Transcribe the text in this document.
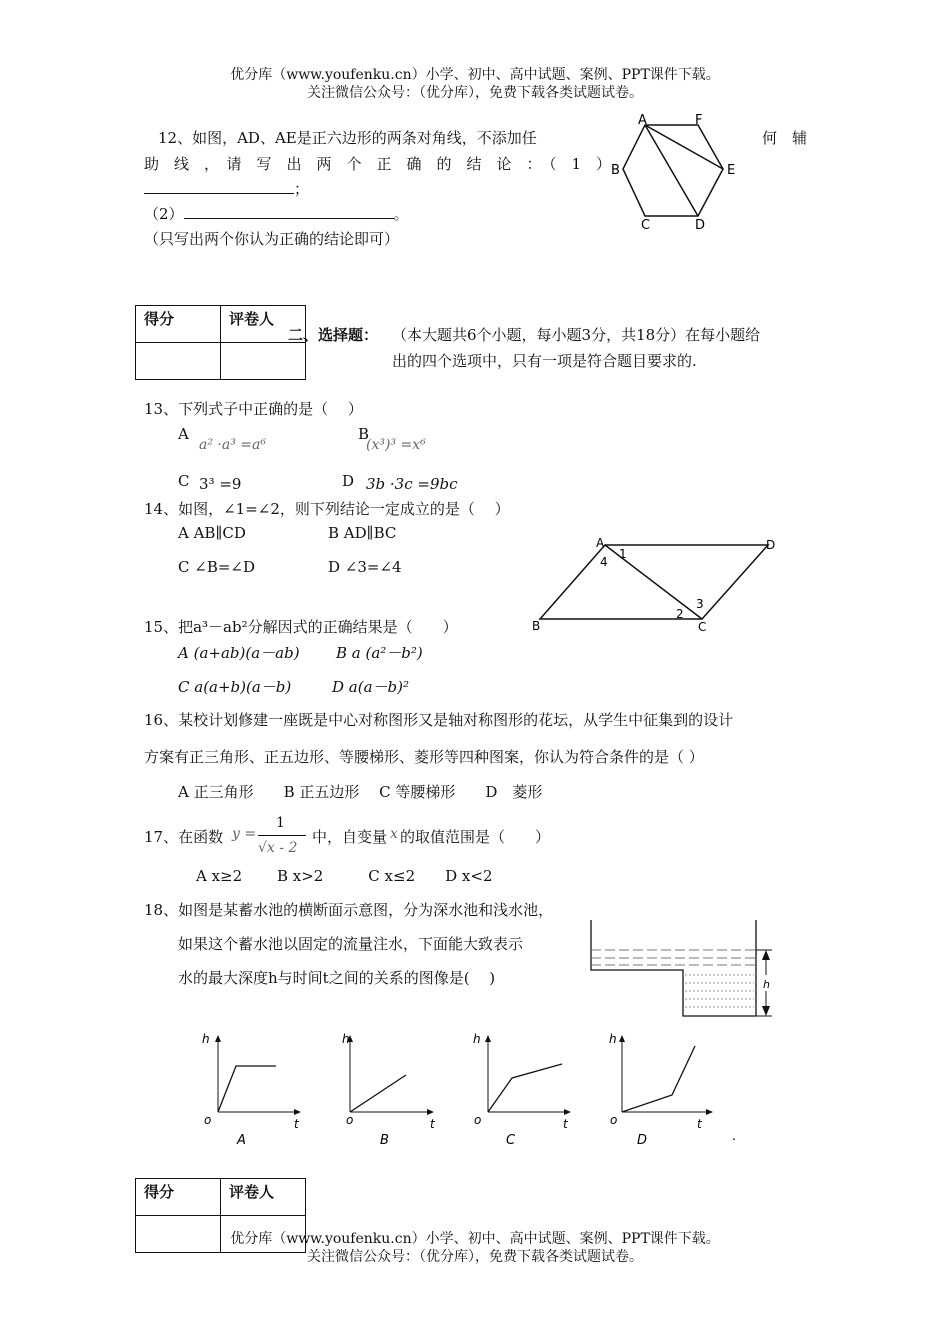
优分库（www.youfenku.cn）小学、初中、高中试题、案例、PPT课件下载。
关注微信公众号：（优分库），免费下载各类试题试卷。
12、如图，AD、AE是正六边形的两条对角线，不添加任	何　辅
助　线　，　请　写　出　两　个　正　确　的　结　论　：　（　1　）
；
（2）	。
（只写出两个你认为正确的结论即可）
A	F
B	E
C	D
得分	评卷人

二、选择题： （本大题共6个小题，每小题3分，共18分）在每小题给
出的四个选项中，只有一项是符合题目要求的.
13、下列式子中正确的是（　 ）
A
a² ·a³ =a⁶
B
(x³)³ =x⁶
C 3³ =9	D 3b ·3c =9bc
14、如图，∠1=∠2，则下列结论一定成立的是（　 ）
A AB∥CD	B AD∥BC
C ∠B=∠D	D ∠3=∠4
A	D
B	C
1
4
2
3
15、把a³－ab²分解因式的正确结果是（　　）
A (a+ab)(a－ab) B a (a²－b²)
C a(a+b)(a－b)	D a(a－b)²
16、某校计划修建一座既是中心对称图形又是轴对称图形的花坛，从学生中征集到的设计
方案有正三角形、正五边形、等腰梯形、菱形等四种图案，你认为符合条件的是（ ）
A 正三角形　　B 正五边形　 C 等腰梯形　　D　菱形
17、在函数 y =
1
√x - 2
中，自变量 x 的取值范围是（　　）
A x≥2　　 B x>2　　　C x≤2　　D x<2
18、如图是某蓄水池的横断面示意图，分为深水池和浅水池，
如果这个蓄水池以固定的流量注水，下面能大致表示
水的最大深度h与时间t之间的关系的图像是(　 )	h
h
o	t
A
h
o	t
B
h
o	t
C
h
o	t
D	.
得分	评卷人

优分库（www.youfenku.cn）小学、初中、高中试题、案例、PPT课件下载。
关注微信公众号：（优分库），免费下载各类试题试卷。
